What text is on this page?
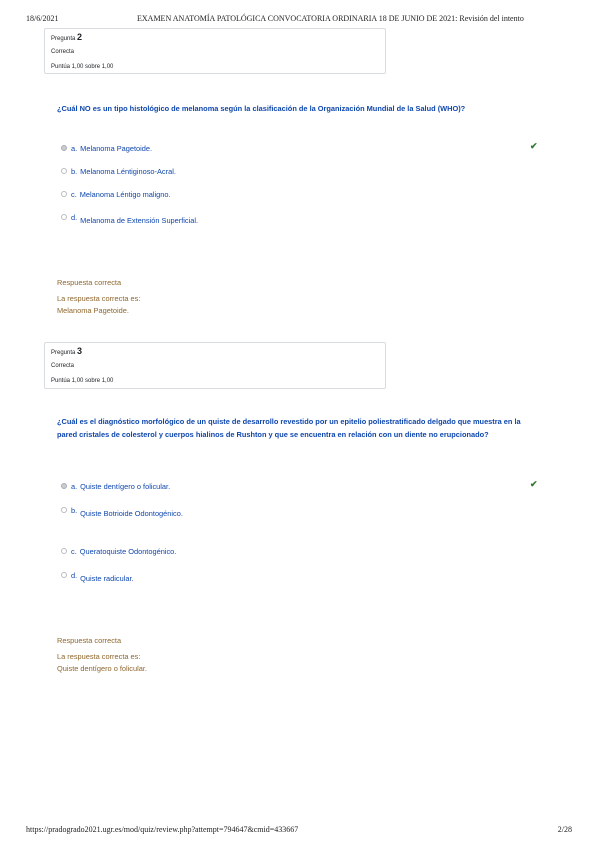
18/6/2021	EXAMEN ANATOMÍA PATOLÓGICA CONVOCATORIA ORDINARIA 18 DE JUNIO DE 2021: Revisión del intento
Pregunta 2
Correcta
Puntúa 1,00 sobre 1,00
¿Cuál NO es un tipo histológico de melanoma según la clasificación de la Organización Mundial de la Salud (WHO)?
a. Melanoma Pagetoide.	✔
b. Melanoma Léntiginoso-Acral.
c. Melanoma Léntigo maligno.
d. Melanoma de Extensión Superficial.
Respuesta correcta
La respuesta correcta es:
Melanoma Pagetoide.
Pregunta 3
Correcta
Puntúa 1,00 sobre 1,00
¿Cuál es el diagnóstico morfológico de un quiste de desarrollo revestido por un epitelio poliestratificado delgado que muestra en la pared cristales de colesterol y cuerpos hialinos de Rushton y que se encuentra en relación con un diente no erupcionado?
a. Quiste dentígero o folicular.	✔
b. Quiste Botrioide Odontogénico.
c. Queratoquiste Odontogénico.
d. Quiste radicular.
Respuesta correcta
La respuesta correcta es:
Quiste dentígero o folicular.
https://pradogrado2021.ugr.es/mod/quiz/review.php?attempt=794647&cmid=433667	2/28
